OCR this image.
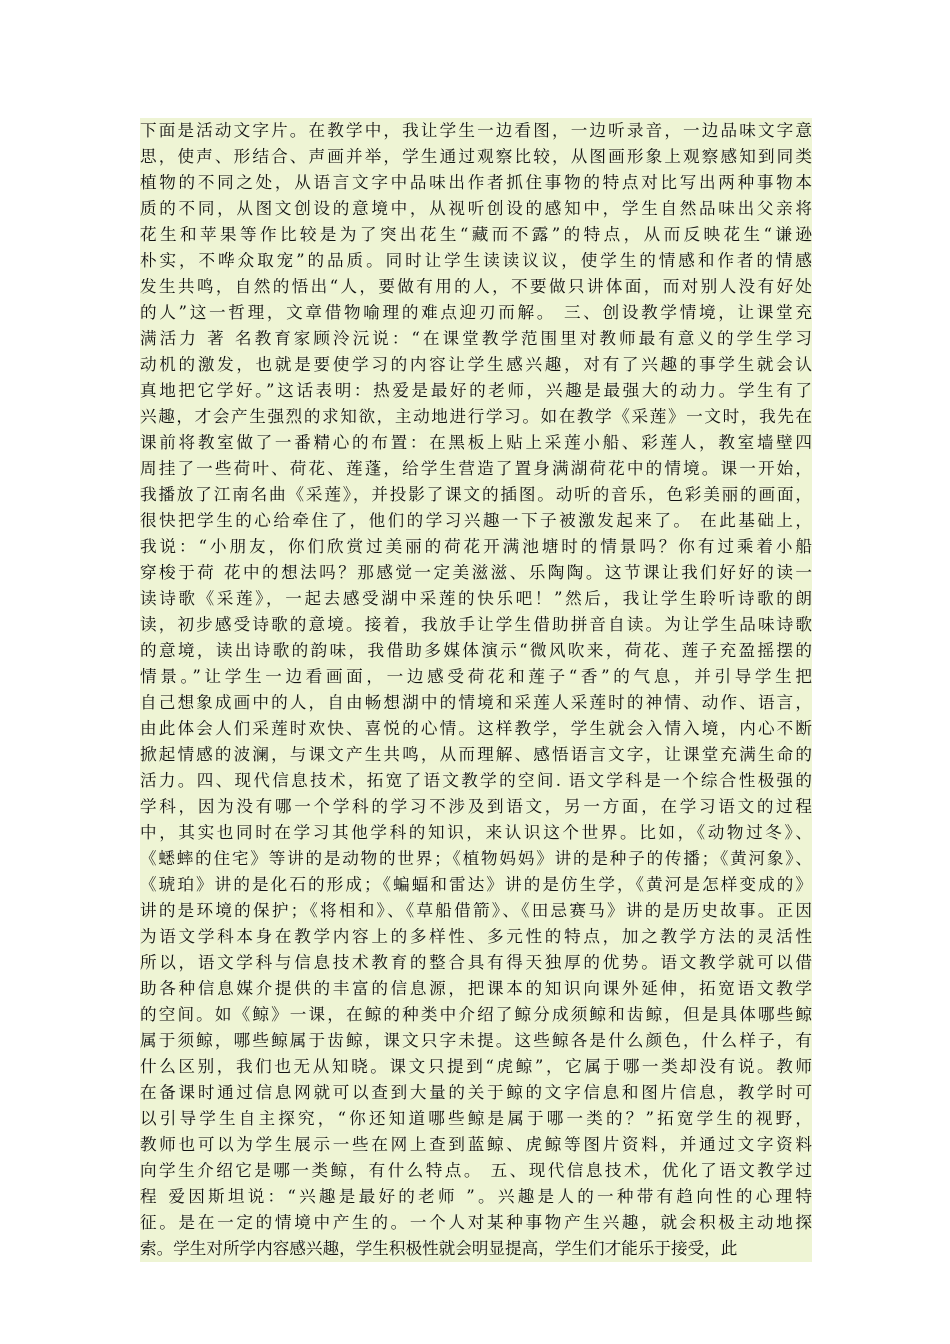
下面是活动文字片。在教学中，我让学生一边看图，一边听录音，一边品味文字意
思，使声、形结合、声画并举，学生通过观察比较，从图画形象上观察感知到同类
植物的不同之处，从语言文字中品味出作者抓住事物的特点对比写出两种事物本
质的不同，从图文创设的意境中，从视听创设的感知中，学生自然品味出父亲将
花生和苹果等作比较是为了突出花生“藏而不露”的特点，从而反映花生“谦逊
朴实，不哗众取宠”的品质。同时让学生读读议议，使学生的情感和作者的情感
发生共鸣，自然的悟出“人，要做有用的人，不要做只讲体面，而对别人没有好处
的人”这一哲理，文章借物喻理的难点迎刃而解。 三、创设教学情境，让课堂充
满活力 著 名教育家顾泠沅说：“在课堂教学范围里对教师最有意义的学生学习
动机的激发，也就是要使学习的内容让学生感兴趣，对有了兴趣的事学生就会认
真地把它学好。”这话表明：热爱是最好的老师，兴趣是最强大的动力。学生有了
兴趣，才会产生强烈的求知欲，主动地进行学习。如在教学《采莲》一文时，我先在
课前将教室做了一番精心的布置：在黑板上贴上采莲小船、彩莲人，教室墙壁四
周挂了一些荷叶、荷花、莲蓬，给学生营造了置身满湖荷花中的情境。课一开始，
我播放了江南名曲《采莲》，并投影了课文的插图。动听的音乐，色彩美丽的画面，
很快把学生的心给牵住了，他们的学习兴趣一下子被激发起来了。 在此基础上，
我说：“小朋友，你们欣赏过美丽的荷花开满池塘时的情景吗？你有过乘着小船
穿梭于荷 花中的想法吗？那感觉一定美滋滋、乐陶陶。这节课让我们好好的读一
读诗歌《采莲》，一起去感受湖中采莲的快乐吧！”然后，我让学生聆听诗歌的朗
读，初步感受诗歌的意境。接着，我放手让学生借助拼音自读。为让学生品味诗歌
的意境，读出诗歌的韵味，我借助多媒体演示“微风吹来，荷花、莲子充盈摇摆的
情景。”让学生一边看画面，一边感受荷花和莲子“香”的气息，并引导学生把
自己想象成画中的人，自由畅想湖中的情境和采莲人采莲时的神情、动作、语言，
由此体会人们采莲时欢快、喜悦的心情。这样教学，学生就会入情入境，内心不断
掀起情感的波澜，与课文产生共鸣，从而理解、感悟语言文字，让课堂充满生命的
活力。四、现代信息技术，拓宽了语文教学的空间. 语文学科是一个综合性极强的
学科，因为没有哪一个学科的学习不涉及到语文，另一方面，在学习语文的过程
中，其实也同时在学习其他学科的知识，来认识这个世界。比如，《动物过冬》、
《蟋蟀的住宅》等讲的是动物的世界；《植物妈妈》讲的是种子的传播；《黄河象》、
《琥珀》讲的是化石的形成；《蝙蝠和雷达》讲的是仿生学，《黄河是怎样变成的》
讲的是环境的保护；《将相和》、《草船借箭》、《田忌赛马》讲的是历史故事。正因
为语文学科本身在教学内容上的多样性、多元性的特点，加之教学方法的灵活性
所以，语文学科与信息技术教育的整合具有得天独厚的优势。语文教学就可以借
助各种信息媒介提供的丰富的信息源，把课本的知识向课外延伸，拓宽语文教学
的空间。如《鲸》一课，在鲸的种类中介绍了鲸分成须鲸和齿鲸，但是具体哪些鲸
属于须鲸，哪些鲸属于齿鲸，课文只字未提。这些鲸各是什么颜色，什么样子，有
什么区别，我们也无从知晓。课文只提到“虎鲸”，它属于哪一类却没有说。教师
在备课时通过信息网就可以查到大量的关于鲸的文字信息和图片信息，教学时可
以引导学生自主探究，“你还知道哪些鲸是属于哪一类的？”拓宽学生的视野，
教师也可以为学生展示一些在网上查到蓝鲸、虎鲸等图片资料，并通过文字资料
向学生介绍它是哪一类鲸，有什么特点。 五、现代信息技术，优化了语文教学过
程 爱因斯坦说：“兴趣是最好的老师 ”。兴趣是人的一种带有趋向性的心理特
征。是在一定的情境中产生的。一个人对某种事物产生兴趣，就会积极主动地探
索。学生对所学内容感兴趣，学生积极性就会明显提高，学生们才能乐于接受，此
